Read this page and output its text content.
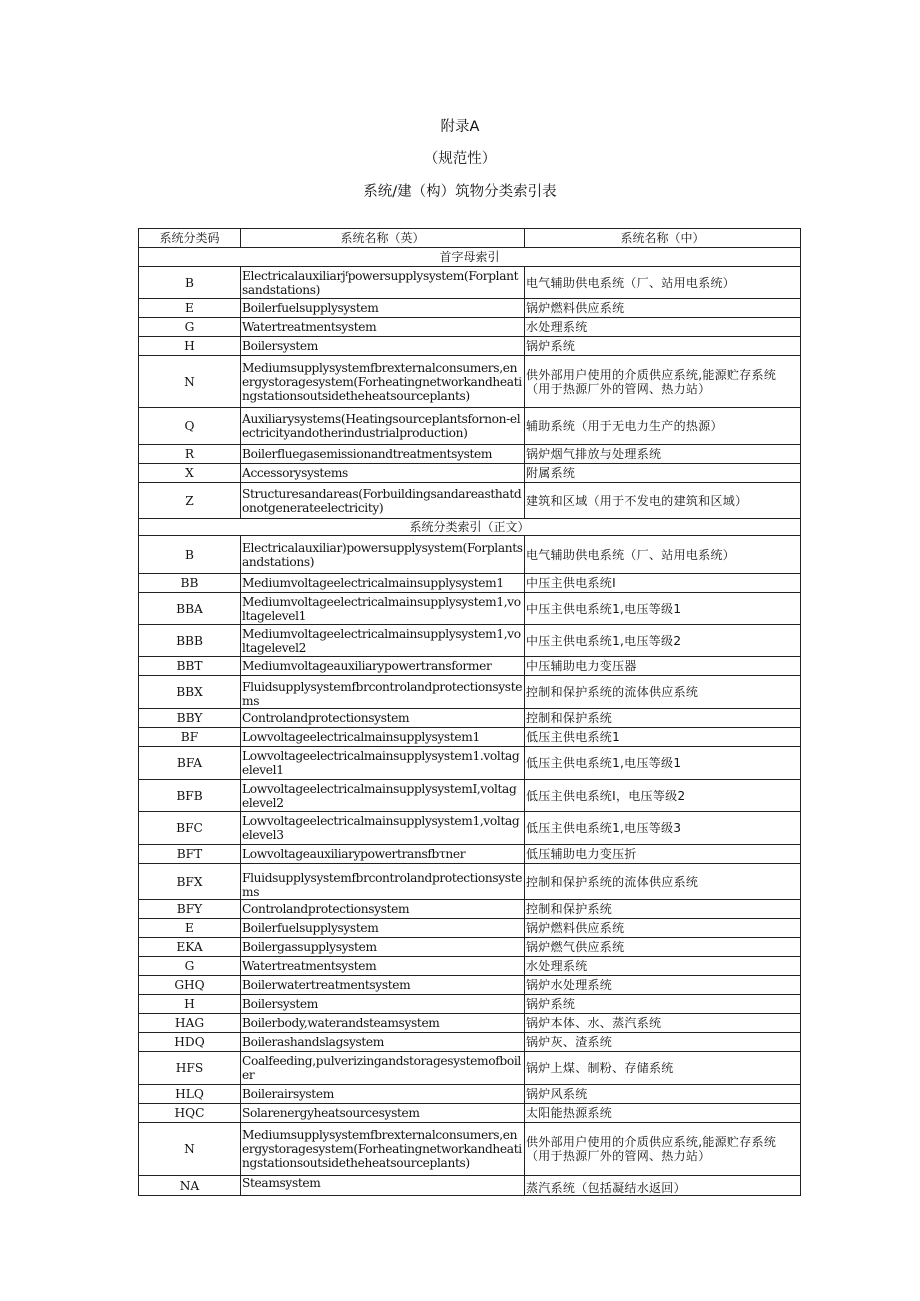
附录A
（规范性）
系统/建（构）筑物分类索引表
系统分类码	系统名称（英）	系统名称（中）
首字母索引		
B	Electricalauxiliarjᶠpowersupplysystem(Forplantsandstations)	电气辅助供电系统（厂、站用电系统）
E	Boilerfuelsupplysystem	锅炉燃料供应系统
G	Watertreatmentsystem	水处理系统
H	Boilersystem	锅炉系统
N	Mediumsupplysystemfbrexternalconsumers,energystoragesystem(Forheatingnetworkandheatingstationsoutsidetheheatsourceplants)	供外部用户使用的介质供应系统,能源贮存系统（用于热源厂外的管网、热力站）
Q	Auxiliarysystems(Heatingsourceplantsfornon-electricityandotherindustrialproduction)	辅助系统（用于无电力生产的热源）
R	Boilerfluegasemissionandtreatmentsystem	锅炉烟气排放与处理系统
X	Accessorysystems	附属系统
Z	Structuresandareas(Forbuildingsandareasthatdonotgenerateelectricity)	建筑和区域（用于不发电的建筑和区域）
系统分类索引（正文）		
B	Electricalauxiliar)powersupplysystem(Forplantsandstations)	电气辅助供电系统（厂、站用电系统）
BB	Mediumvoltageelectricalmainsupplysystem1	中压主供电系统I
BBA	Mediumvoltageelectricalmainsupplysystem1,voltagelevel1	中压主供电系统1,电压等级1
BBB	Mediumvoltageelectricalmainsupplysystem1,voltagelevel2	中压主供电系统1,电压等级2
BBT	Mediumvoltageauxiliarypowertransformer	中压辅助电力变压器
BBX	Fluidsupplysystemfbrcontrolandprotectionsystems	控制和保护系统的流体供应系统
BBY	Controlandprotectionsystem	控制和保护系统
BF	Lowvoltageelectricalmainsupplysystem1	低压主供电系统1
BFA	Lowvoltageelectricalmainsupplysystem1.voltagelevel1	低压主供电系统1,电压等级1
BFB	LowvoltageelectricalmainsupplysystemI,voltagelevel2	低压主供电系统I，电压等级2
BFC	Lowvoltageelectricalmainsupplysystem1,voltagelevel3	低压主供电系统1,电压等级3
BFT	Lowvoltageauxiliarypowertransfbτner	低压辅助电力变压折
BFX	Fluidsupplysystemfbrcontrolandprotectionsystems	控制和保护系统的流体供应系统
BFY	Controlandprotectionsystem	控制和保护系统
E	Boilerfuelsupplysystem	锅炉燃料供应系统
EKA	Boilergassupplysystem	锅炉燃气供应系统
G	Watertreatmentsystem	水处理系统
GHQ	Boilerwatertreatmentsystem	锅炉水处理系统
H	Boilersystem	锅炉系统
HAG	Boilerbody,waterandsteamsystem	锅炉本体、水、蒸汽系统
HDQ	Boilerashandslagsystem	锅炉灰、渣系统
HFS	Coalfeeding,pulverizingandstoragesystemofboiler	锅炉上煤、制粉、存储系统
HLQ	Boilerairsystem	锅炉风系统
HQC	Solarenergyheatsourcesystem	太阳能热源系统
N	Mediumsupplysystemfbrexternalconsumers,energystoragesystem(Forheatingnetworkandheatingstationsoutsidetheheatsourceplants)	供外部用户使用的介质供应系统,能源贮存系统（用于热源厂外的管网、热力站）
NA	Steamsystem	蒸汽系统（包括凝结水返回）
